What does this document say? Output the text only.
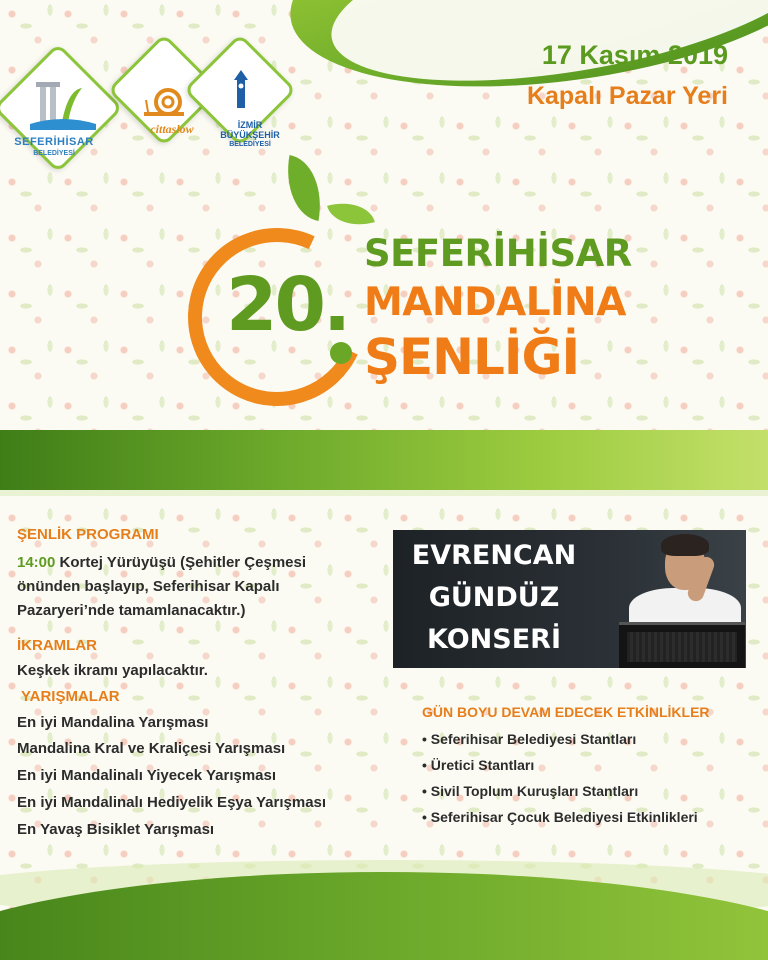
SEFERİHİSAR
BELEDİYESİ
cittaslow	İZMİR
BÜYÜKŞEHİR
BELEDİYESİ
17 Kasım 2019
Kapalı Pazar Yeri
20.
SEFERİHİSAR
MANDALİNA
ŞENLİĞİ
ŞENLİK PROGRAMI
14:00 Kortej Yürüyüşü (Şehitler Çeşmesi
önünden başlayıp, Seferihisar Kapalı
Pazaryeri’nde tamamlanacaktır.)
İKRAMLAR
Keşkek ikramı yapılacaktır.
YARIŞMALAR
En iyi Mandalina Yarışması
Mandalina Kral ve Kraliçesi Yarışması
En iyi Mandalinalı Yiyecek Yarışması
En iyi Mandalinalı Hediyelik Eşya Yarışması
En Yavaş Bisiklet Yarışması
EVRENCAN
GÜNDÜZ
KONSERİ
GÜN BOYU DEVAM EDECEK ETKİNLİKLER
• Seferihisar Belediyesi Stantları
• Üretici Stantları
• Sivil Toplum Kuruşları Stantları
• Seferihisar Çocuk Belediyesi Etkinlikleri
